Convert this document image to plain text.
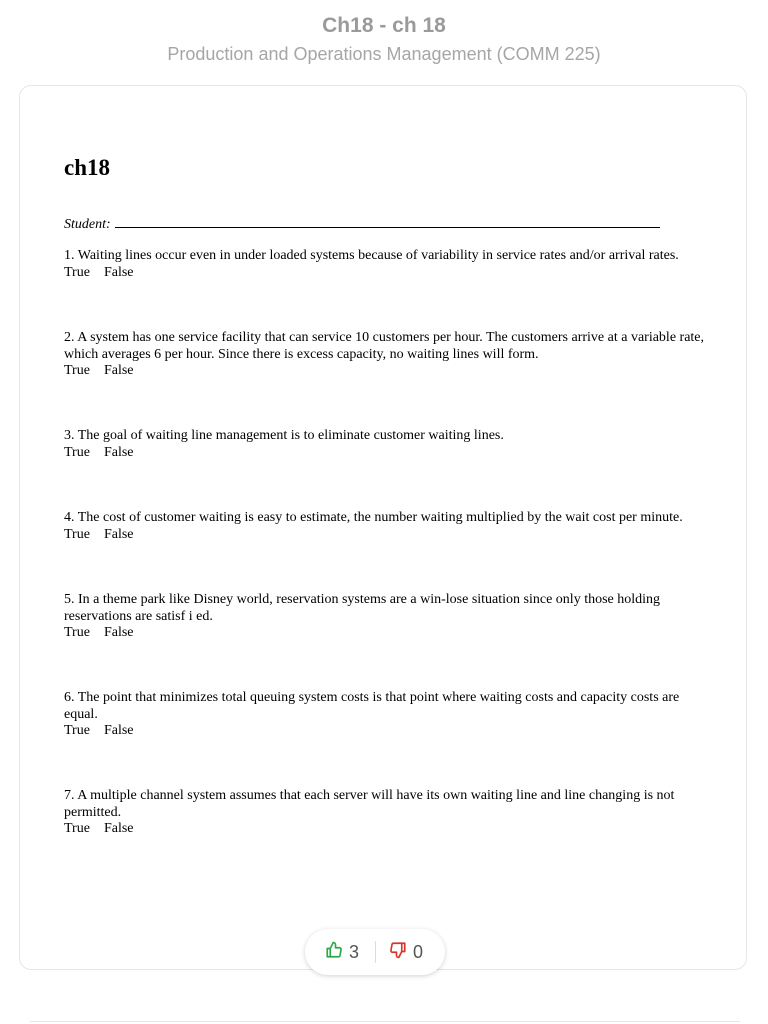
Ch18 - ch 18
Production and Operations Management (COMM 225)
ch18
Student:
1. Waiting lines occur even in under loaded systems because of variability in service rates and/or arrival rates.
True False
2. A system has one service facility that can service 10 customers per hour. The customers arrive at a variable rate, which averages 6 per hour. Since there is excess capacity, no waiting lines will form.
True False
3. The goal of waiting line management is to eliminate customer waiting lines.
True False
4. The cost of customer waiting is easy to estimate, the number waiting multiplied by the wait cost per minute.
True False
5. In a theme park like Disney world, reservation systems are a win-lose situation since only those holding reservations are satisf i ed.
True False
6. The point that minimizes total queuing system costs is that point where waiting costs and capacity costs are equal.
True False
7. A multiple channel system assumes that each server will have its own waiting line and line changing is not permitted.
True False
3	0
